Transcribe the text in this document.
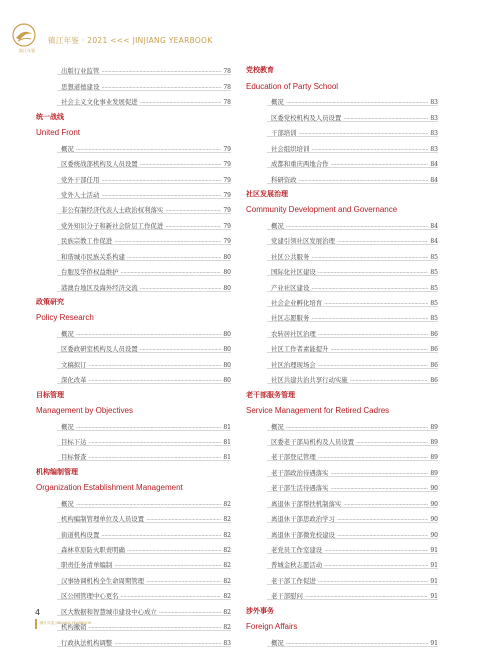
镇江年鉴
镇江年鉴 · 2021 <<< JINJIANG YEARBOOK
出版行业监管 .....	78
思想道德建设 .....	78
社会主义文化事业发展促进 .....	78
统一战线
United Front
概况 .....	79
区委统战部机构及人员设置 .....	79
党外干部任用 .....	79
党外人士活动 .....	79
非公有制经济代表人士政治权利落实 .....	79
党外知识分子和新社会阶层工作促进 .....	79
民族宗教工作促进 .....	79
和谐城市民族关系构建 .....	80
台胞及华侨权益维护 .....	80
港澳台地区及海外经济交流 .....	80
政策研究
Policy Research
概况 .....	80
区委政研室机构及人员设置 .....	80
文稿拟订 .....	80
深化改革 .....	80
目标管理
Management by Objectives
概况 .....	81
目标下达 .....	81
目标督查 .....	81
机构编制管理
Organization Establishment Management
概况 .....	82
机构编制管理单位及人员设置 .....	82
街道机构设置 .....	82
森林草原防火职责明确 .....	82
职责任务清单编制 .....	82
汉事协调机构全生命周期管理 .....	82
区公园管理中心更名 .....	82
区大数据和智慧城市建设中心成立 .....	82
机构撤销 .....	82
行政执法机构调整 .....	83
党校教育
Education of Party School
概况 .....	83
区委党校机构及人员设置 .....	83
干部培训 .....	83
社会组织培训 .....	83
成都和重庆两地合作 .....	84
科研资政 .....	84
社区发展治理
Community Development and Governance
概况 .....	84
党建引领社区发展治理 .....	84
社区公共服务 .....	85
国际化社区建设 .....	85
产业社区建设 .....	85
社会企业孵化培育 .....	85
社区志愿服务 .....	85
农转居社区治理 .....	86
社区工作者素能提升 .....	86
社区治理现场会 .....	86
社区共建共治共享行动实施 .....	86
老干部服务管理
Service Management for Retired Cadres
概况 .....	89
区委老干部局机构及人员设置 .....	89
老干部登记管理 .....	89
老干部政治待遇落实 .....	89
老干部生活待遇落实 .....	90
离退休干部帮扶机制落实 .....	90
离退休干部思政治学习 .....	90
离退休干部微党校建设 .....	90
老党员工作室建设 .....	91
普城金秋志愿活动 .....	91
老干部工作促进 .....	91
老干部慰问 .....	91
涉外事务
Foreign Affairs
概况 .....	91
4
镇江年鉴 JINJIANG YEARBOOK
